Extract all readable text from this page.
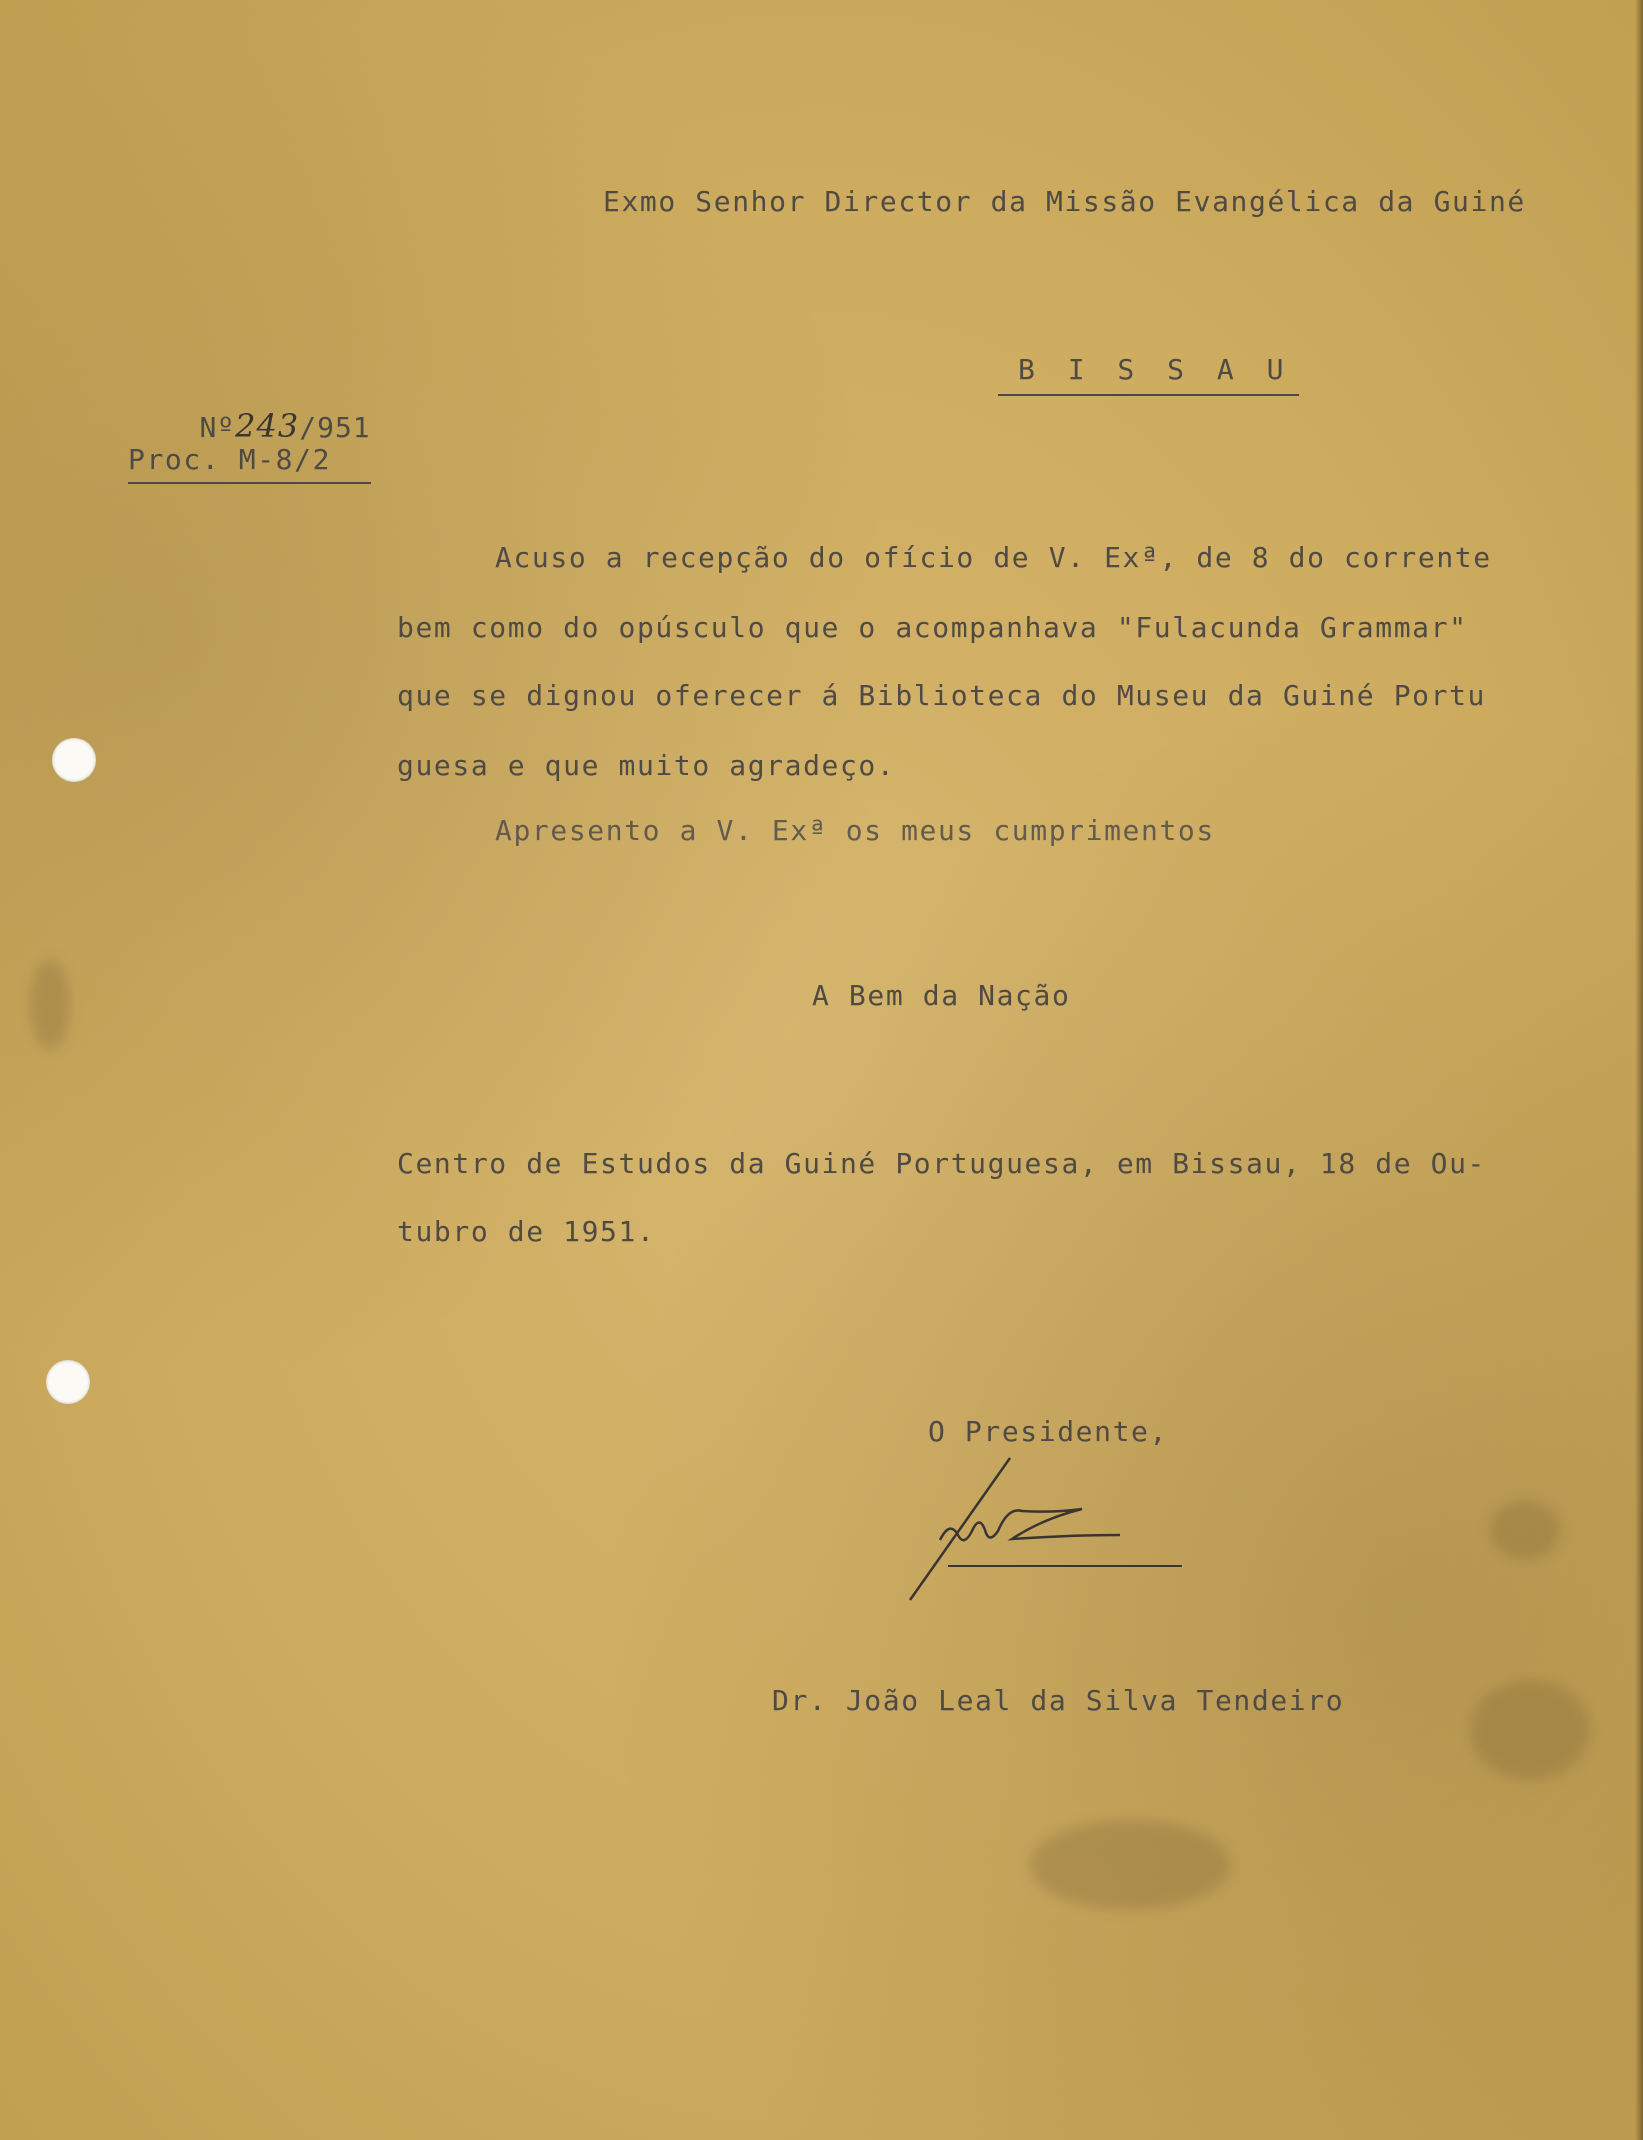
Exmo Senhor Director da Missão Evangélica da Guiné
B I S S A U

Nº243/951

Proc. M-8/2
Acuso a recepção do ofício de V. Exª, de 8 do corrente
bem como do opúsculo que o acompanhava "Fulacunda Grammar"
que se dignou oferecer á Biblioteca do Museu da Guiné Portu
guesa e que muito agradeço.
Apresento a V. Exª os meus cumprimentos
A Bem da Nação
Centro de Estudos da Guiné Portuguesa, em Bissau, 18 de Ou-
tubro de 1951.
O Presidente,
Dr. João Leal da Silva Tendeiro
